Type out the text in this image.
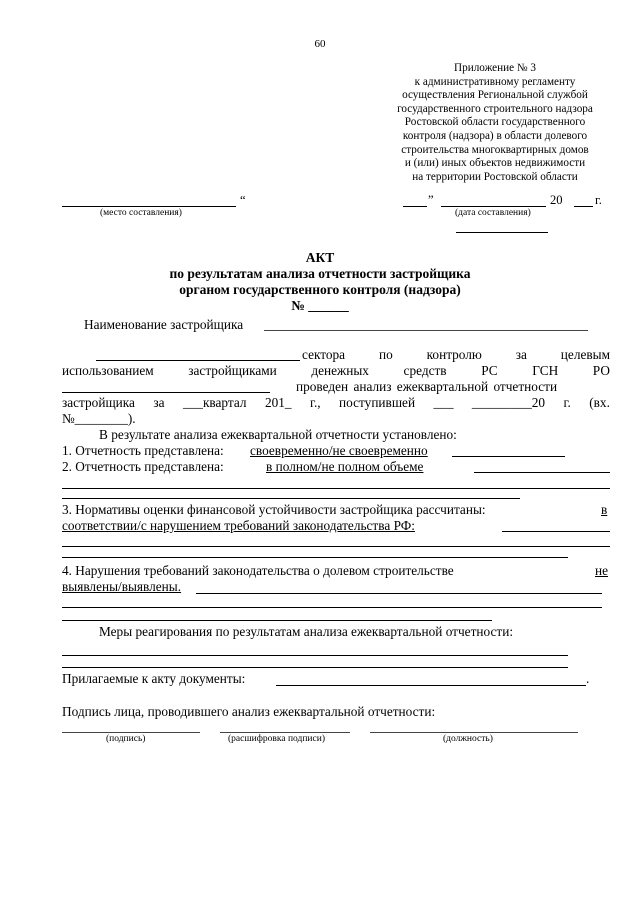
60
Приложение № 3
к административному регламенту
осуществления Региональной службой
государственного строительного надзора
Ростовской области государственного
контроля (надзора) в области долевого
строительства многоквартирных домов
и (или) иных объектов недвижимости
на территории Ростовской области
“
(место составления)
”	20	г.
(дата составления)
АКТ
по результатам анализа отчетности застройщика
органом государственного контроля (надзора)
№ ______
Наименование застройщика
сектора	по	контролю	за	целевым
использованием	застройщиками	денежных	средств	РС	ГСН	РО
проведен анализ ежеквартальной отчетности
застройщика за ___квартал 201_ г., поступившей ___ _________20 г. (вх.
№________).
В результате анализа ежеквартальной отчетности установлено:
1. Отчетность представлена: своевременно/не своевременно
2. Отчетность представлена:	в полном/не полном объеме
3. Нормативы оценки финансовой устойчивости застройщика рассчитаны:	в
соответствии/с нарушением требований законодательства РФ:
4. Нарушения требований законодательства о долевом строительстве	не
выявлены/выявлены.
Меры реагирования по результатам анализа ежеквартальной отчетности:
Прилагаемые к акту документы:	.
Подпись лица, проводившего анализ ежеквартальной отчетности:
(подпись)	(расшифровка подписи)	(должность)
